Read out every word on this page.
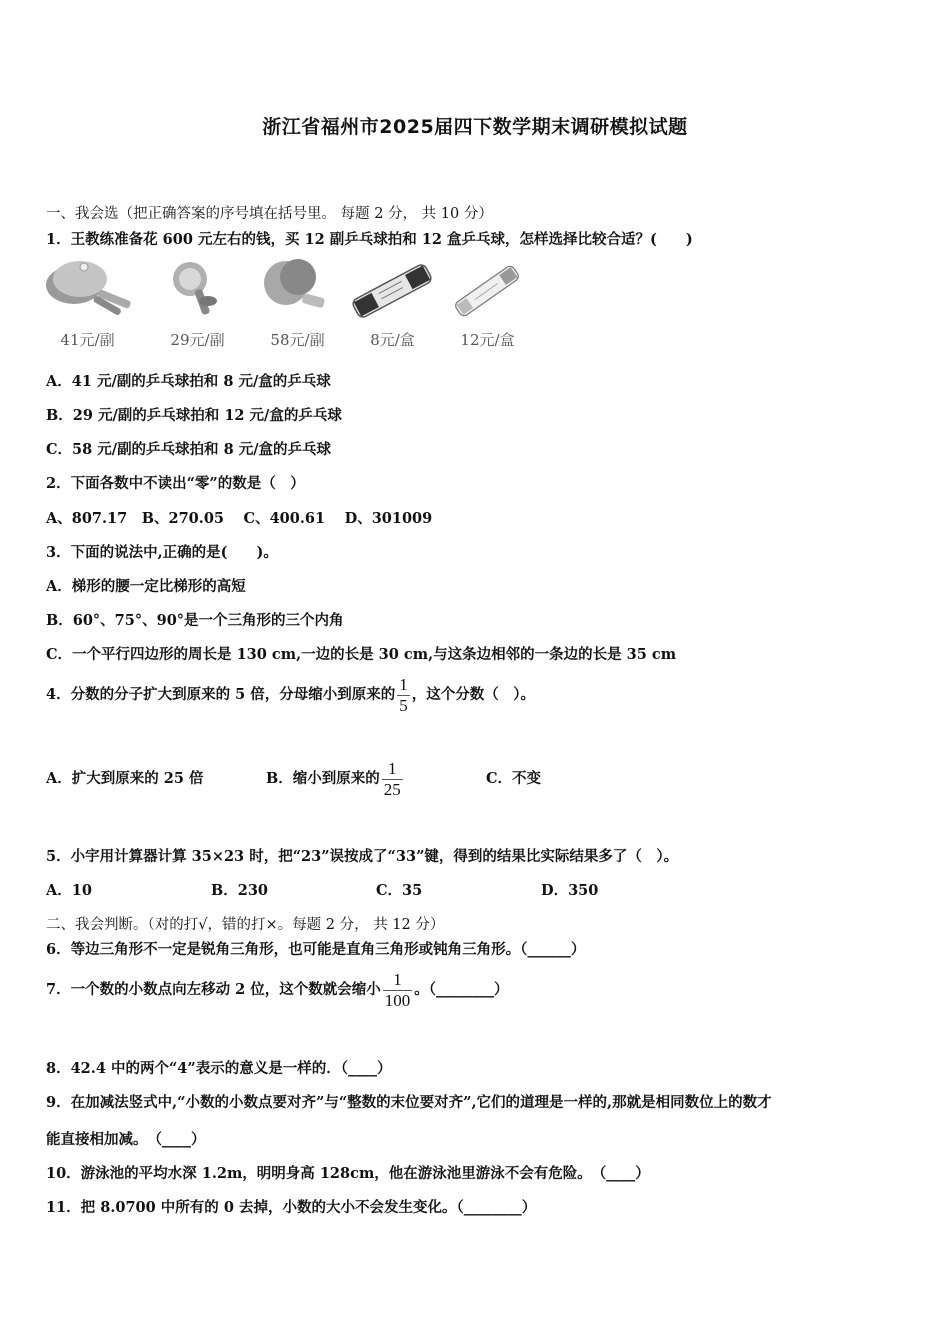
浙江省福州市2025届四下数学期末调研模拟试题
一、我会选（把正确答案的序号填在括号里。 每题 2 分， 共 10 分）
1．王教练准备花 600 元左右的钱，买 12 副乒乓球拍和 12 盒乒乓球，怎样选择比较合适？(　　)
41元/副	29元/副	58元/副	8元/盒	12元/盒
A．41 元/副的乒乓球拍和 8 元/盒的乒乓球
B．29 元/副的乒乓球拍和 12 元/盒的乒乓球
C．58 元/副的乒乓球拍和 8 元/盒的乒乓球
2．下面各数中不读出“零”的数是（　）
A、807.17　B、270.05　 C、400.61　 D、301009
3．下面的说法中,正确的是(　　)。
A．梯形的腰一定比梯形的高短
B．60°、75°、90°是一个三角形的三个内角
C．一个平行四边形的周长是 130 cm,一边的长是 30 cm,与这条边相邻的一条边的长是 35 cm
4．分数的分子扩大到原来的 5 倍，分母缩小到原来的 $\frac{1}{5}$ ，这个分数（　）。
A．扩大到原来的 25 倍	B．缩小到原来的 $\frac{1}{25}$	C．不变
5．小宇用计算器计算 35×23 时，把“23”误按成了“33”键，得到的结果比实际结果多了（　）。
A．10	B．230	C．35	D．350
二、我会判断。（对的打√，错的打×。每题 2 分， 共 12 分）
6．等边三角形不一定是锐角三角形，也可能是直角三角形或钝角三角形。（______）
7．一个数的小数点向左移动 2 位，这个数就会缩小 $\frac{1}{100}$ 。（________）
8．42.4 中的两个“4”表示的意义是一样的．（____）
9．在加减法竖式中,“小数的小数点要对齐”与“整数的末位要对齐”,它们的道理是一样的,那就是相同数位上的数才
能直接相加减。　（____）
10．游泳池的平均水深 1.2m，明明身高 128cm，他在游泳池里游泳不会有危险。　（____）
11．把 8.0700 中所有的 0 去掉，小数的大小不会发生变化。（________）
